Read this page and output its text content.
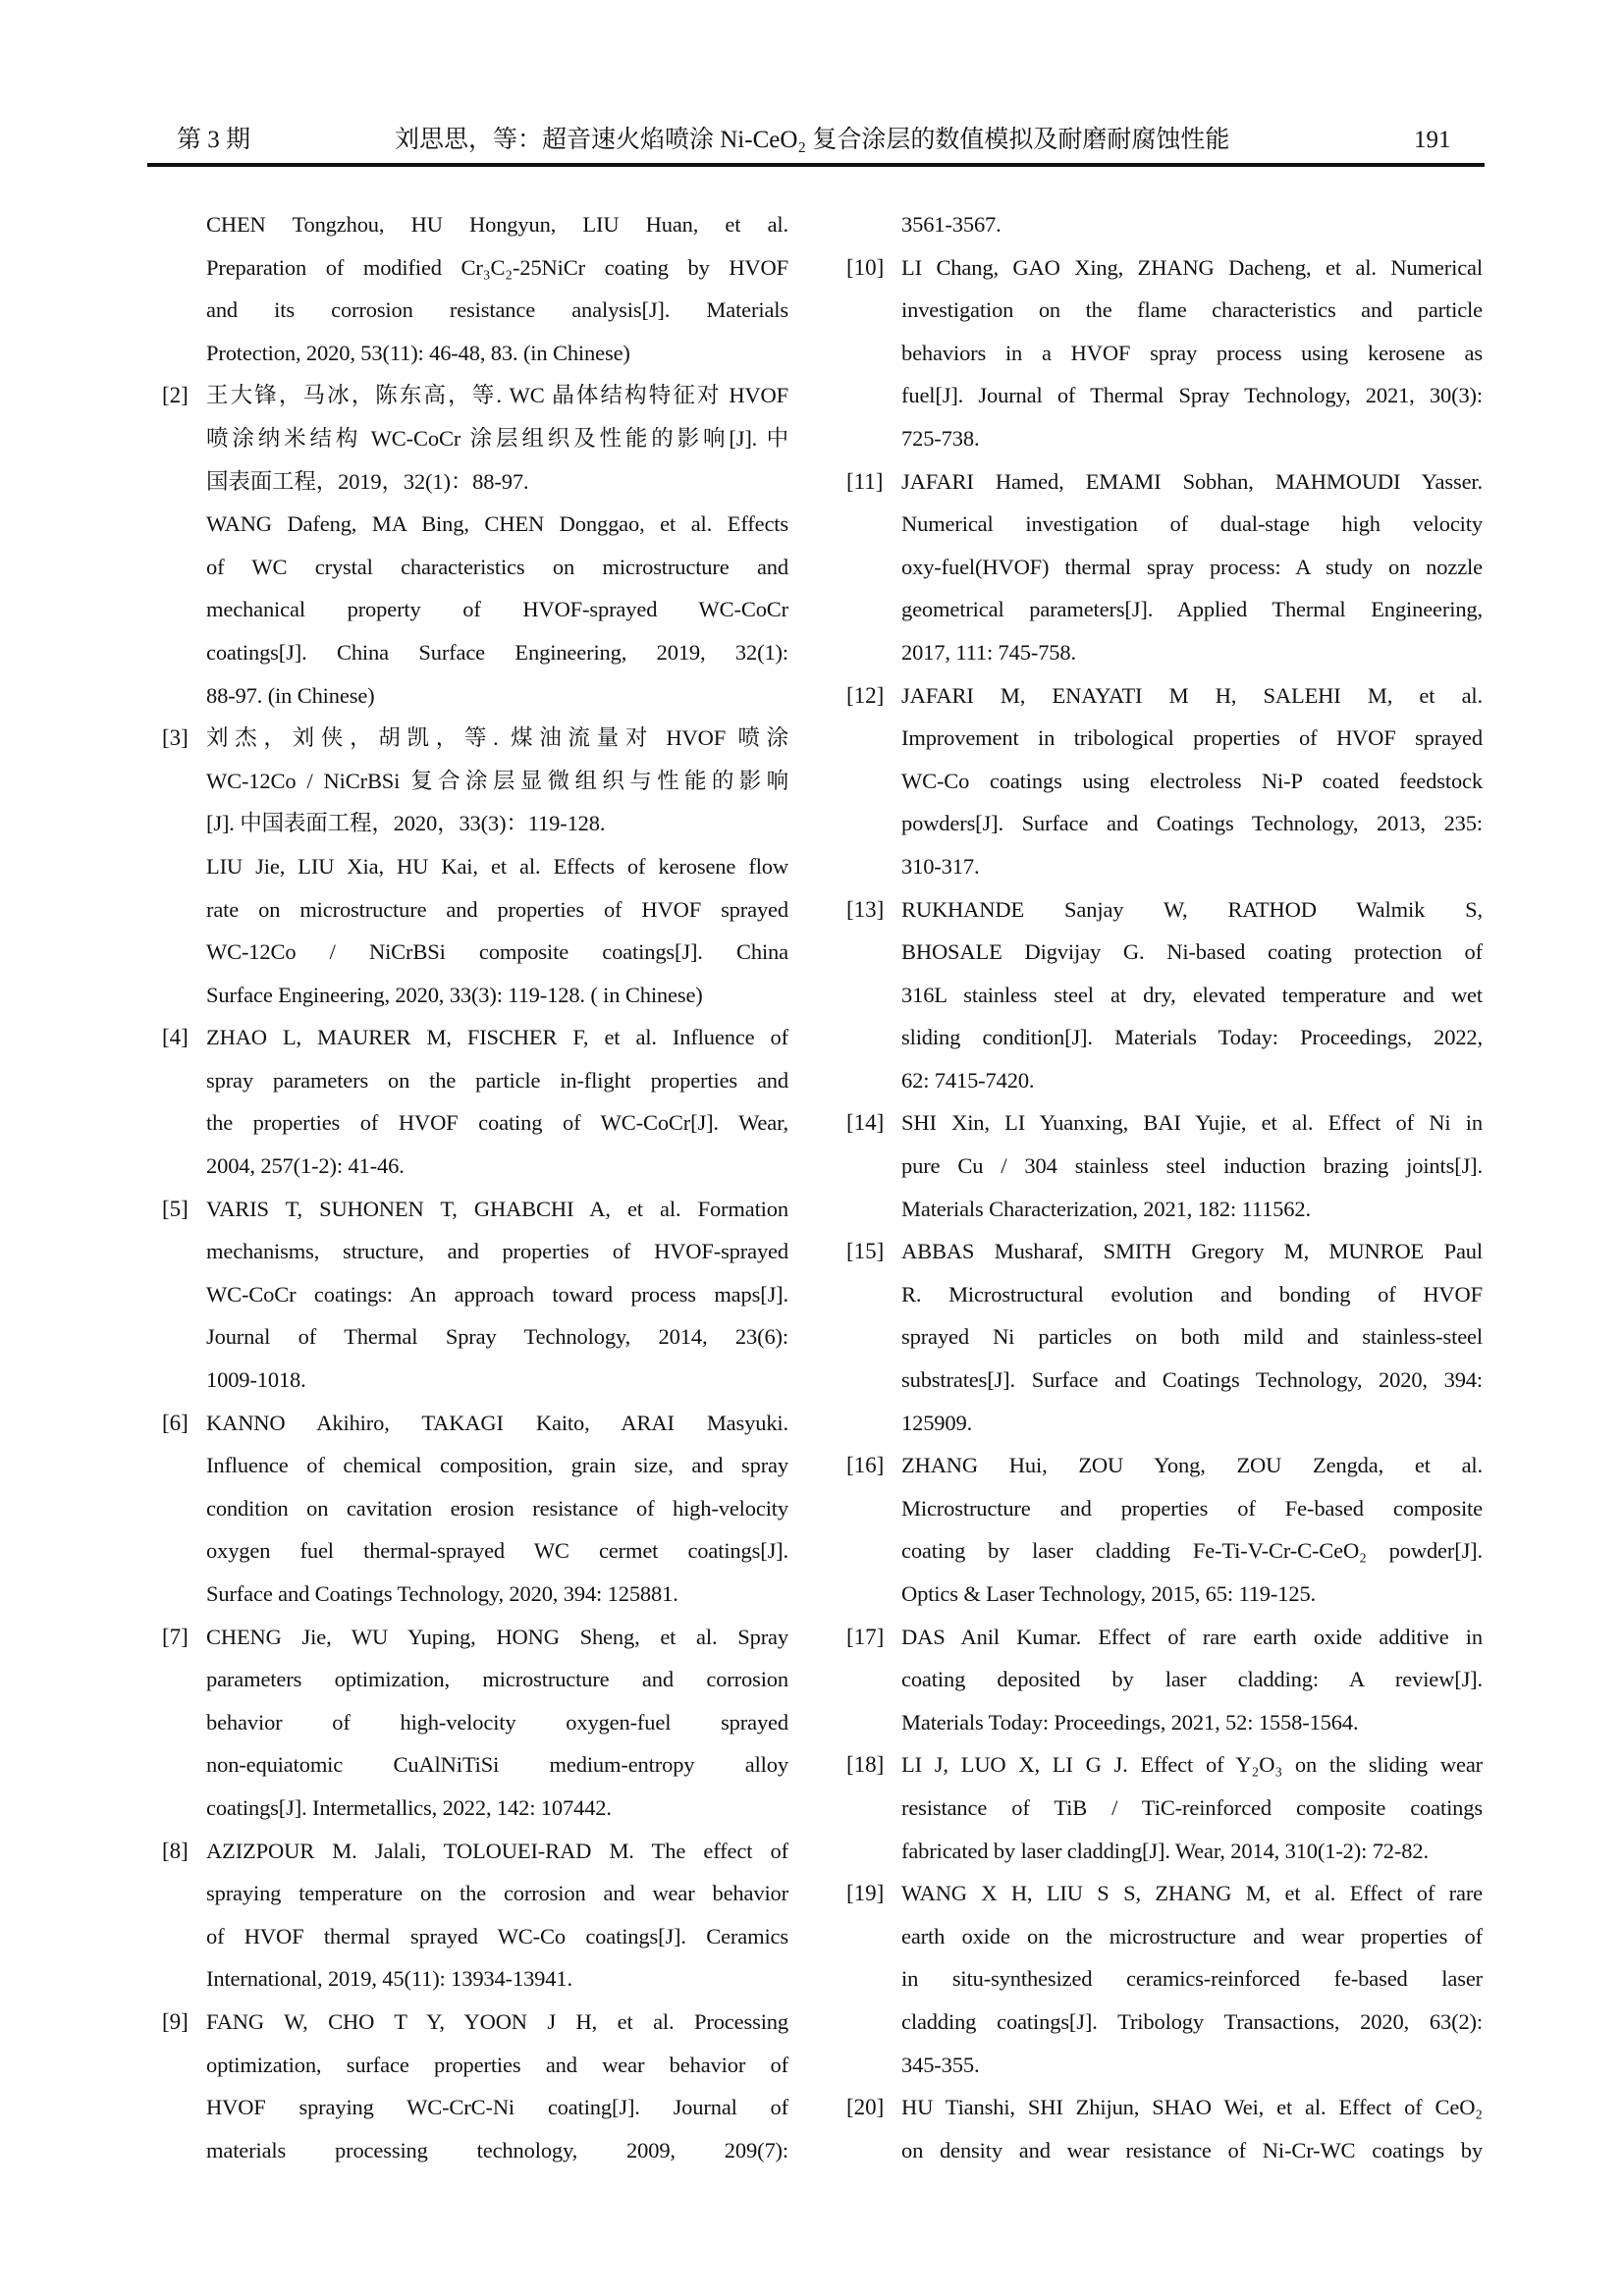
第 3 期	刘思思，等：超音速火焰喷涂 Ni-CeO₂ 复合涂层的数值模拟及耐磨耐腐蚀性能	191
CHEN Tongzhou, HU Hongyun, LIU Huan, et al.
Preparation of modified Cr₃C₂-25NiCr coating by HVOF
and its corrosion resistance analysis[J]. Materials
Protection, 2020, 53(11): 46-48, 83. (in Chinese)
[2] 王大锋，马冰，陈东高，等. WC 晶体结构特征对 HVOF
喷涂纳米结构 WC-CoCr 涂层组织及性能的影响[J]. 中
国表面工程，2019，32(1)：88-97.
WANG Dafeng, MA Bing, CHEN Donggao, et al. Effects
of WC crystal characteristics on microstructure and
mechanical property of HVOF-sprayed WC-CoCr
coatings[J]. China Surface Engineering, 2019, 32(1):
88-97. (in Chinese)
[3] 刘杰，刘侠，胡凯，等. 煤油流量对 HVOF 喷涂
WC-12Co / NiCrBSi 复合涂层显微组织与性能的影响
[J]. 中国表面工程，2020，33(3)：119-128.
LIU Jie, LIU Xia, HU Kai, et al. Effects of kerosene flow
rate on microstructure and properties of HVOF sprayed
WC-12Co / NiCrBSi composite coatings[J]. China
Surface Engineering, 2020, 33(3): 119-128. ( in Chinese)
[4] ZHAO L, MAURER M, FISCHER F, et al. Influence of
spray parameters on the particle in-flight properties and
the properties of HVOF coating of WC-CoCr[J]. Wear,
2004, 257(1-2): 41-46.
[5] VARIS T, SUHONEN T, GHABCHI A, et al. Formation
mechanisms, structure, and properties of HVOF-sprayed
WC-CoCr coatings: An approach toward process maps[J].
Journal of Thermal Spray Technology, 2014, 23(6):
1009-1018.
[6] KANNO Akihiro, TAKAGI Kaito, ARAI Masyuki.
Influence of chemical composition, grain size, and spray
condition on cavitation erosion resistance of high-velocity
oxygen fuel thermal-sprayed WC cermet coatings[J].
Surface and Coatings Technology, 2020, 394: 125881.
[7] CHENG Jie, WU Yuping, HONG Sheng, et al. Spray
parameters optimization, microstructure and corrosion
behavior of high-velocity oxygen-fuel sprayed
non-equiatomic CuAlNiTiSi medium-entropy alloy
coatings[J]. Intermetallics, 2022, 142: 107442.
[8] AZIZPOUR M. Jalali, TOLOUEI-RAD M. The effect of
spraying temperature on the corrosion and wear behavior
of HVOF thermal sprayed WC-Co coatings[J]. Ceramics
International, 2019, 45(11): 13934-13941.
[9] FANG W, CHO T Y, YOON J H, et al. Processing
optimization, surface properties and wear behavior of
HVOF spraying WC-CrC-Ni coating[J]. Journal of
materials processing technology, 2009, 209(7):
3561-3567.
[10] LI Chang, GAO Xing, ZHANG Dacheng, et al. Numerical
investigation on the flame characteristics and particle
behaviors in a HVOF spray process using kerosene as
fuel[J]. Journal of Thermal Spray Technology, 2021, 30(3):
725-738.
[11] JAFARI Hamed, EMAMI Sobhan, MAHMOUDI Yasser.
Numerical investigation of dual-stage high velocity
oxy-fuel(HVOF) thermal spray process: A study on nozzle
geometrical parameters[J]. Applied Thermal Engineering,
2017, 111: 745-758.
[12] JAFARI M, ENAYATI M H, SALEHI M, et al.
Improvement in tribological properties of HVOF sprayed
WC-Co coatings using electroless Ni-P coated feedstock
powders[J]. Surface and Coatings Technology, 2013, 235:
310-317.
[13] RUKHANDE Sanjay W, RATHOD Walmik S,
BHOSALE Digvijay G. Ni-based coating protection of
316L stainless steel at dry, elevated temperature and wet
sliding condition[J]. Materials Today: Proceedings, 2022,
62: 7415-7420.
[14] SHI Xin, LI Yuanxing, BAI Yujie, et al. Effect of Ni in
pure Cu / 304 stainless steel induction brazing joints[J].
Materials Characterization, 2021, 182: 111562.
[15] ABBAS Musharaf, SMITH Gregory M, MUNROE Paul
R. Microstructural evolution and bonding of HVOF
sprayed Ni particles on both mild and stainless-steel
substrates[J]. Surface and Coatings Technology, 2020, 394:
125909.
[16] ZHANG Hui, ZOU Yong, ZOU Zengda, et al.
Microstructure and properties of Fe-based composite
coating by laser cladding Fe-Ti-V-Cr-C-CeO₂ powder[J].
Optics & Laser Technology, 2015, 65: 119-125.
[17] DAS Anil Kumar. Effect of rare earth oxide additive in
coating deposited by laser cladding: A review[J].
Materials Today: Proceedings, 2021, 52: 1558-1564.
[18] LI J, LUO X, LI G J. Effect of Y₂O₃ on the sliding wear
resistance of TiB / TiC-reinforced composite coatings
fabricated by laser cladding[J]. Wear, 2014, 310(1-2): 72-82.
[19] WANG X H, LIU S S, ZHANG M, et al. Effect of rare
earth oxide on the microstructure and wear properties of
in situ-synthesized ceramics-reinforced fe-based laser
cladding coatings[J]. Tribology Transactions, 2020, 63(2):
345-355.
[20] HU Tianshi, SHI Zhijun, SHAO Wei, et al. Effect of CeO₂
on density and wear resistance of Ni-Cr-WC coatings by
